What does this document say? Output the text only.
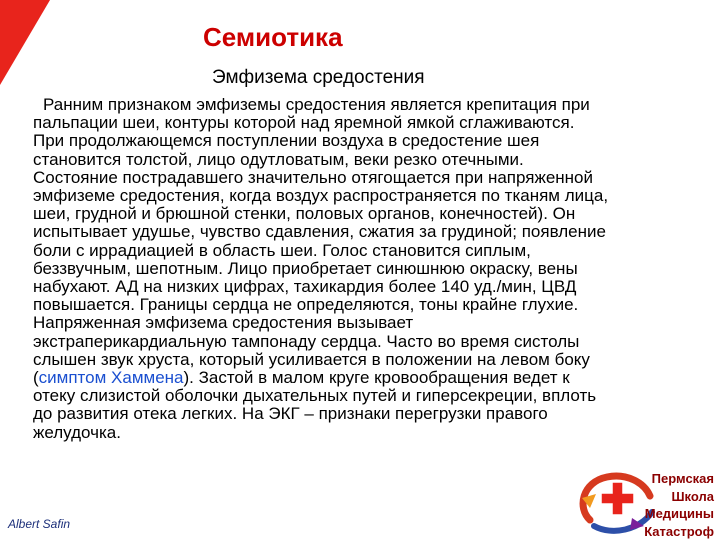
Семиотика
Эмфизема средостения
Ранним признаком эмфиземы средостения является крепитация при
пальпации шеи, контуры которой над яремной ямкой сглаживаются.
При продолжающемся поступлении воздуха в средостение шея
становится толстой, лицо одутловатым, веки резко отечными.
Состояние пострадавшего значительно отягощается при напряженной
эмфиземе средостения, когда воздух распространяется по тканям лица,
шеи, грудной и брюшной стенки, половых органов, конечностей). Он
испытывает удушье, чувство сдавления, сжатия за грудиной; появление
боли с иррадиацией в область шеи. Голос становится сиплым,
беззвучным, шепотным. Лицо приобретает синюшнюю окраску, вены
набухают. АД на низких цифрах, тахикардия более 140 уд./мин, ЦВД
повышается. Границы сердца не определяются, тоны крайне глухие.
Напряженная эмфизема средостения вызывает
экстраперикардиальную тампонаду сердца. Часто во время систолы
слышен звук хруста, который усиливается в положении на левом боку
(симптом Хаммена). Застой в малом круге кровообращения ведет к
отеку слизистой оболочки дыхательных путей и гиперсекреции, вплоть
до развития отека легких. На ЭКГ – признаки перегрузки правого
желудочка.
Albert Safin
Пермская
Школа
Медицины
Катастроф
